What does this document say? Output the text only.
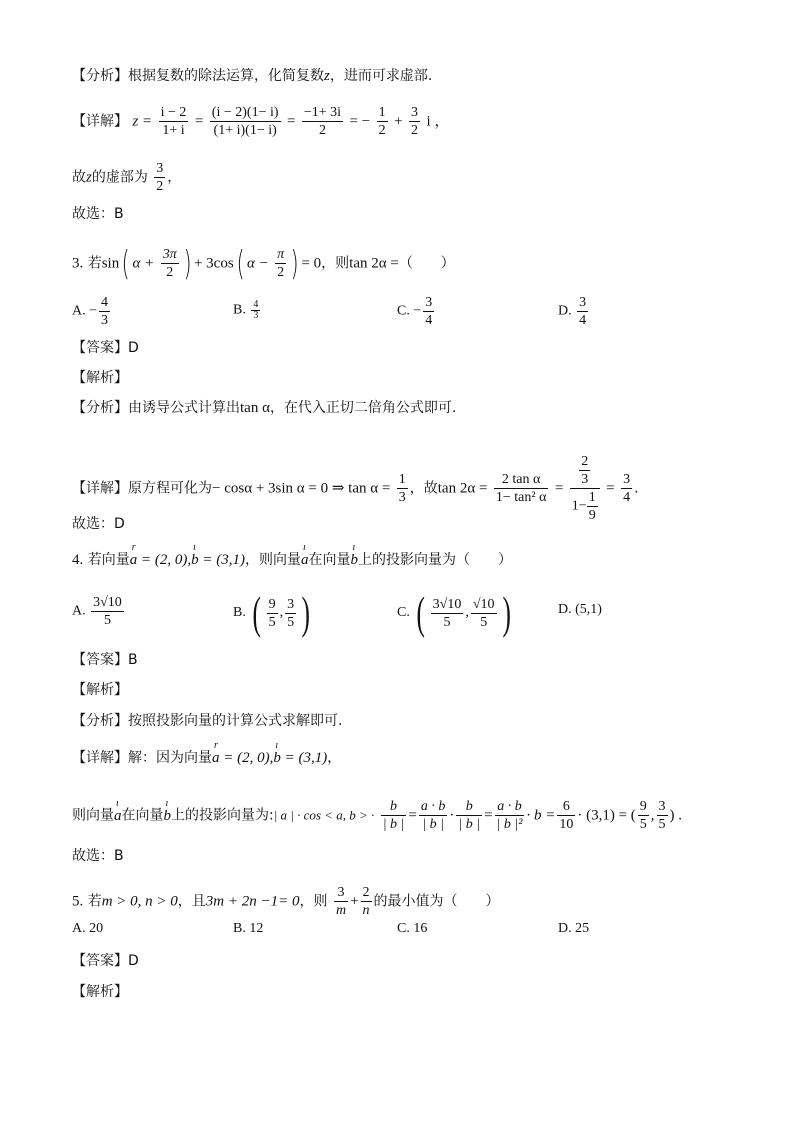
【分析】根据复数的除法运算，化简复数z，进而可求虚部.
【详解】 $z = \frac{i - 2}{1+ i} = \frac{(i - 2)(1- i)}{(1+ i)(1- i)} = \frac{-1+ 3i}{2}$ = − $\frac{1}{2} + \frac{3}{2}$ i ，
故z的虚部为 $\frac{3}{2}$ ，
故选：B
3. 若sin( $\alpha + \frac{3\pi}{2}$ ) + 3cos( $\alpha - \frac{\pi}{2}$ ) = 0，则tan 2α =（　　）
A. − $\frac{4}{3}$	B. $\frac{4}{3}$	C. − $\frac{3}{4}$	D. $\frac{3}{4}$
【答案】D
【解析】
【分析】由诱导公式计算出tan α，在代入正切二倍角公式即可.
【详解】原方程可化为− cosα + 3sin α = 0 ⇒ $\tan \alpha = \frac{1}{3}$ ，故$\tan 2\alpha = \frac{\text{2 tan α}}{\text{1− tan² α}} = \frac{\frac{2}{3}}{1- \frac{1}{9}} = \frac{3}{4}$ .
故选：D
4. 若向量r a = (2, 0),ı b = (3,1)，则向量ı a在向量ı b上的投影向量为（　　）
A. $\frac{3√10}{5}$	B. ( $\frac{9}{5}$ , $\frac{3}{5}$ )	C. ( $\frac{3√10}{5}$ , $\frac{√10}{5}$ )	D. (5,1)
【答案】B
【解析】
【分析】按照投影向量的计算公式求解即可.
【详解】解：因为向量r a = (2, 0),ı b = (3,1)，
则向量ı a在向量ı b上的投影向量为:| a | · cos < a, b > · $\frac{b}{| b |} = \frac{a \cdot b}{| b |} \cdot \frac{b}{| b |} = \frac{a \cdot b}{\text{| b |²}} \cdot b = \frac{6}{10} \cdot (3,1)$ = ( $\frac{9}{5}$ , $\frac{3}{5}$ ) .
故选：B
5. 若m > 0, n > 0，且3m + 2n −1= 0，则 $\frac{3}{m} + \frac{2}{n}$ 的最小值为（　　）
A. 20	B. 12	C. 16	D. 25
【答案】D
【解析】
